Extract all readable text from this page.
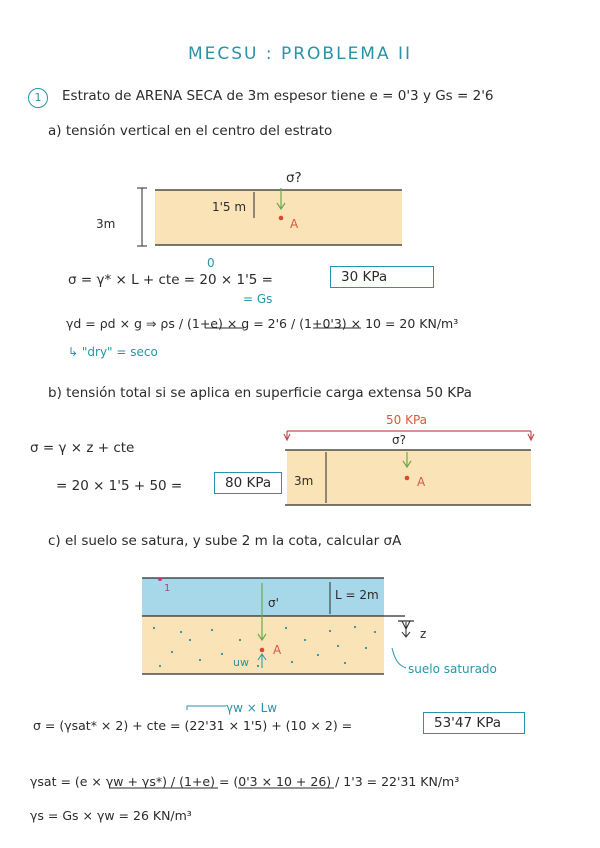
MECSU : PROBLEMA II
1	Estrato de ARENA SECA de 3m espesor tiene e = 0'3 y Gs = 2'6
a) tensión vertical en el centro del estrato
σ?
1'5 m
3m	A
0
σ = γ* × L + cte = 20 × 1'5 =	30 KPa
= Gs
γd = ρd × g ⇒ ρs / (1+e) × g = 2'6 / (1+0'3) × 10 = 20 KN/m³
↳ "dry" = seco
b) tensión total si se aplica en superficie carga extensa 50 KPa
50 KPa
σ?
σ = γ × z + cte
= 20 × 1'5 + 50 =	80 KPa	3m	A
c) el suelo se satura, y sube 2 m la cota, calcular σA
1
σ'
L = 2m
A
uw
z
suelo saturado
γw × Lw
σ = (γsat* × 2) + cte = (22'31 × 1'5) + (10 × 2) =	53'47 KPa
γsat = (e × γw + γs*) / (1+e) = (0'3 × 10 + 26) / 1'3 = 22'31 KN/m³
γs = Gs × γw = 26 KN/m³
